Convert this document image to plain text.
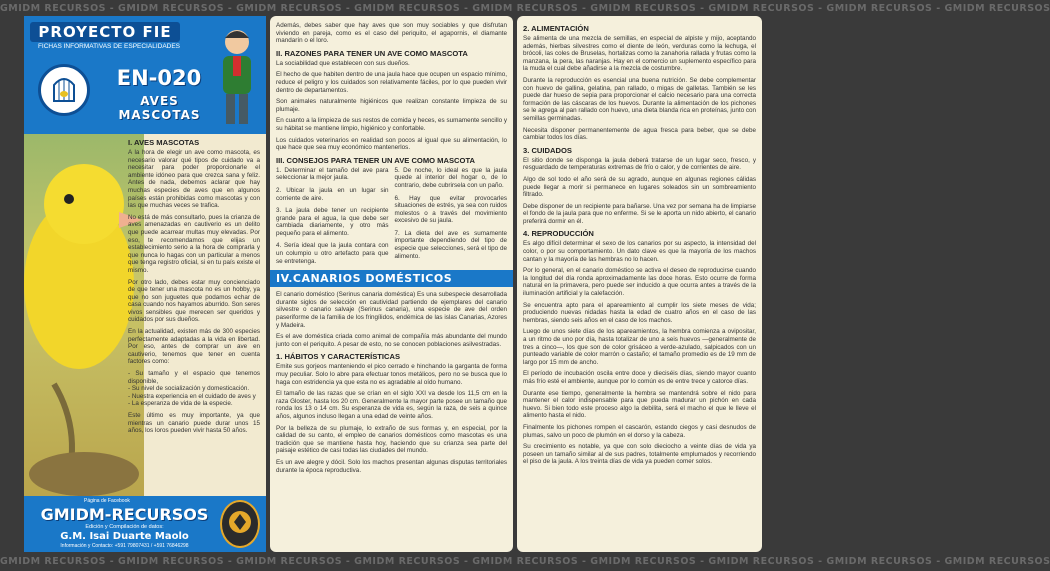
GMIDM RECURSOS - GMIDM RECURSOS - GMIDM RECURSOS - GMIDM RECURSOS - GMIDM RECURSOS - GMIDM RECURSOS - GMIDM RECURSOS - GMIDM RECURSOS - GMIDM RECURSOS
PROYECTO FIE
FICHAS INFORMATIVAS DE ESPECIALIDADES
EN-020
AVES MASCOTAS
I. AVES MASCOTAS

A la hora de elegir un ave como mascota, es necesario valorar qué tipos de cuidado va a necesitar para poder proporcionarle el ambiente idóneo para que crezca sana y feliz. Antes de nada, debemos aclarar que hay muchas especies de aves que en algunos países están prohibidas como mascotas y con las que muchas veces se trafica.

No está de más consultarlo, pues la crianza de aves amenazadas en cautiverio es un delito que puede acarrear multas muy elevadas. Por eso, te recomendamos que elijas un establecimiento serio a la hora de comprarla y que nunca lo hagas con un particular a menos que tenga registro oficial, si en tu país existe el mismo.

Por otro lado, debes estar muy concienciado de que tener una mascota no es un hobby, ya que no son juguetes que podamos echar de casa cuando nos hayamos aburrido. Son seres vivos sensibles que merecen ser queridos y cuidados por sus dueños.

En la actualidad, existen más de 300 especies perfectamente adaptadas a la vida en libertad. Por eso, antes de comprar un ave en cautiverio, tenemos que tener en cuenta factores como:

- Su tamaño y el espacio que tenemos disponible,

- Su nivel de socialización y domesticación.

- Nuestra experiencia en el cuidado de aves y

- La esperanza de vida de la especie.

Este último es muy importante, ya que mientras un canario puede durar unos 15 años, los loros pueden vivir hasta 50 años.

Página de Facebook
GMIDM-RECURSOS
Edición y Compilación de datos:
G.M. Isai Duarte Maolo
Información y Contacto: +591 79807431 / +591 76846298

Además, debes saber que hay aves que son muy sociables y que disfrutan viviendo en pareja, como es el caso del periquito, el agapornis, el diamante mandarín o el loro.

II. RAZONES PARA TENER UN AVE COMO MASCOTA

La sociabilidad que establecen con sus dueños.

El hecho de que habiten dentro de una jaula hace que ocupen un espacio mínimo, reduce el peligro y los cuidados son relativamente fáciles, por lo que pueden vivir dentro de departamentos.

Son animales naturalmente higiénicos que realizan constante limpieza de su plumaje.

En cuanto a la limpieza de sus restos de comida y heces, es sumamente sencillo y su hábitat se mantiene limpio, higiénico y confortable.

Los cuidados veterinarios en realidad son pocos al igual que su alimentación, lo que hace que sea muy económico mantenerlos.

III. CONSEJOS PARA TENER UN AVE COMO MASCOTA

1. Determinar el tamaño del ave para seleccionar la mejor jaula.

2. Ubicar la jaula en un lugar sin corriente de aire.

3. La jaula debe tener un recipiente grande para el agua, la que debe ser cambiada diariamente, y otro más pequeño para el alimento.

4. Sería ideal que la jaula contara con un columpio u otro artefacto para que se entretenga.

5. De noche, lo ideal es que la jaula quede al interior del hogar o, de lo contrario, debe cubrirsela con un paño.

6. Hay que evitar provocarles situaciones de estrés, ya sea con ruidos molestos o a través del movimiento excesivo de su jaula.

7. La dieta del ave es sumamente importante dependiendo del tipo de especie que selecciones, será el tipo de alimento.

IV.CANARIOS DOMÉSTICOS

El canario doméstico (Serinus canaria doméstica) Es una subespecie desarrollada durante siglos de selección en cautividad partiendo de ejemplares del canario silvestre o canario salvaje (Serinus canaria), una especie de ave del orden paseriforme de la familia de los fringílidos, endémica de las islas Canarias, Azores y Madeira.

Es el ave doméstica criada como animal de compañía más abundante del mundo junto con el periquito. A pesar de esto, no se conocen poblaciones asilvestradas.

1. HÁBITOS Y CARACTERÍSTICAS

Emite sus gorjeos manteniendo el pico cerrado e hinchando la garganta de forma muy peculiar. Solo lo abre para efectuar tonos metálicos, pero no se busca que lo haga con estridencia ya que esta no es agradable al oído humano.

El tamaño de las razas que se crían en el siglo XXI va desde los 11,5 cm en la raza Gloster, hasta los 20 cm. Generalmente la mayor parte posee un tamaño que ronda los 13 o 14 cm. Su esperanza de vida es, según la raza, de seis a quince años, algunos incluso llegan a una edad de veinte años.

Por la belleza de su plumaje, lo extraño de sus formas y, en especial, por la calidad de su canto, el empleo de canarios domésticos como mascotas es una tradición que se mantiene hasta hoy, haciendo que su crianza sea parte del paisaje estético de casi todas las ciudades del mundo.

Es un ave alegre y dócil. Solo los machos presentan algunas disputas territoriales durante la época reproductiva.

2. ALIMENTACIÓN

Se alimenta de una mezcla de semillas, en especial de alpiste y mijo, aceptando además, hierbas silvestres como el diente de león, verduras como la lechuga, el brócoli, las coles de Bruselas, hortalizas como la zanahoria rallada y frutas como la manzana, la pera, las naranjas. Hay en el comercio un suplemento específico para la muda el cual debe añadirse a la mezcla de costumbre.

Durante la reproducción es esencial una buena nutrición. Se debe complementar con huevo de gallina, gelatina, pan rallado, o migas de galletas. También se les puede dar hueso de sepia para proporcionar el calcio necesario para una correcta formación de las cáscaras de los huevos. Durante la alimentación de los pichones se le agrega al pan rallado con huevo, una dieta blanda rica en proteínas, junto con semillas germinadas.

Necesita disponer permanentemente de agua fresca para beber, que se debe cambiar todos los días.

3. CUIDADOS

El sitio donde se disponga la jaula deberá tratarse de un lugar seco, fresco, y resguardado de temperaturas extremas de frío o calor, y de corrientes de aire.

Algo de sol todo el año será de su agrado, aunque en algunas regiones cálidas puede llegar a morir si permanece en lugares soleados sin un sombreamiento filtrado.

Debe disponer de un recipiente para bañarse. Una vez por semana ha de limpiarse el fondo de la jaula para que no enferme. Si se le aporta un nido abierto, el canario preferirá dormir en él.

4. REPRODUCCIÓN

Es algo difícil determinar el sexo de los canarios por su aspecto, la intensidad del color, o por su comportamiento. Un dato clave es que la mayoría de los machos cantan y la mayoría de las hembras no lo hacen.

Por lo general, en el canario doméstico se activa el deseo de reproducirse cuando la longitud del día ronda aproximadamente las doce horas. Esto ocurre de forma natural en la primavera, pero puede ser inducido a que ocurra antes a través de la iluminación artificial y la calefacción.

Se encuentra apto para el apareamiento al cumplir los siete meses de vida; produciendo nuevas nidadas hasta la edad de cuatro años en el caso de las hembras, siendo seis años en el caso de los machos.

Luego de unos siete días de los apareamientos, la hembra comienza a ovipositar, a un ritmo de uno por día, hasta totalizar de uno a seis huevos —generalmente de tres a cinco—, los que son de color grisáceo a verde-azulado, salpicados con un punteado variable de color marrón o castaño; el tamaño promedio es de 19 mm de largo por 15 mm de ancho.

El período de incubación oscila entre doce y dieciséis días, siendo mayor cuanto más frío esté el ambiente, aunque por lo común es de entre trece y catorce días.

Durante ese tiempo, generalmente la hembra se mantendrá sobre el nido para mantener el calor indispensable para que pueda madurar un pichón en cada huevo. Si bien todo este proceso algo la debilita, será el macho el que le lleve el alimento hasta el nido.

Finalmente los pichones rompen el cascarón, estando ciegos y casi desnudos de plumas, salvo un poco de plumón en el dorso y la cabeza.

Su crecimiento es notable, ya que con solo dieciocho a veinte días de vida ya poseen un tamaño similar al de sus padres, totalmente emplumados y recorriendo el piso de la jaula. A los treinta días de vida ya pueden comer solos.

GMIDM RECURSOS - GMIDM RECURSOS - GMIDM RECURSOS - GMIDM RECURSOS - GMIDM RECURSOS - GMIDM RECURSOS - GMIDM RECURSOS - GMIDM RECURSOS - GMIDM RECURSOS
